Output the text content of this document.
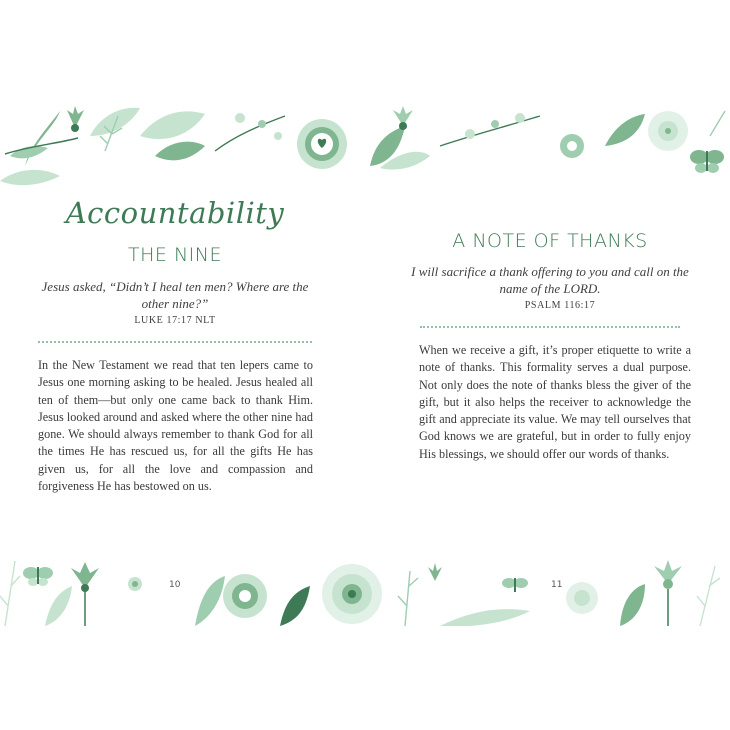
Accountability
THE NINE
Jesus asked, “Didn’t I heal ten men? Where are the other nine?”
LUKE 17:17 NLT
In the New Testament we read that ten lepers came to Jesus one morning asking to be healed. Jesus healed all ten of them—but only one came back to thank Him. Jesus looked around and asked where the other nine had gone. We should always remember to thank God for all the times He has rescued us, for all the gifts He has given us, for all the love and compassion and forgiveness He has bestowed on us.
10
A NOTE OF THANKS
I will sacrifice a thank offering to you and call on the name of the LORD.
PSALM 116:17
When we receive a gift, it’s proper etiquette to write a note of thanks. This formality serves a dual purpose. Not only does the note of thanks bless the giver of the gift, but it also helps the receiver to acknowledge the gift and appreciate its value. We may tell ourselves that God knows we are grateful, but in order to fully enjoy His blessings, we should offer our words of thanks.
11
